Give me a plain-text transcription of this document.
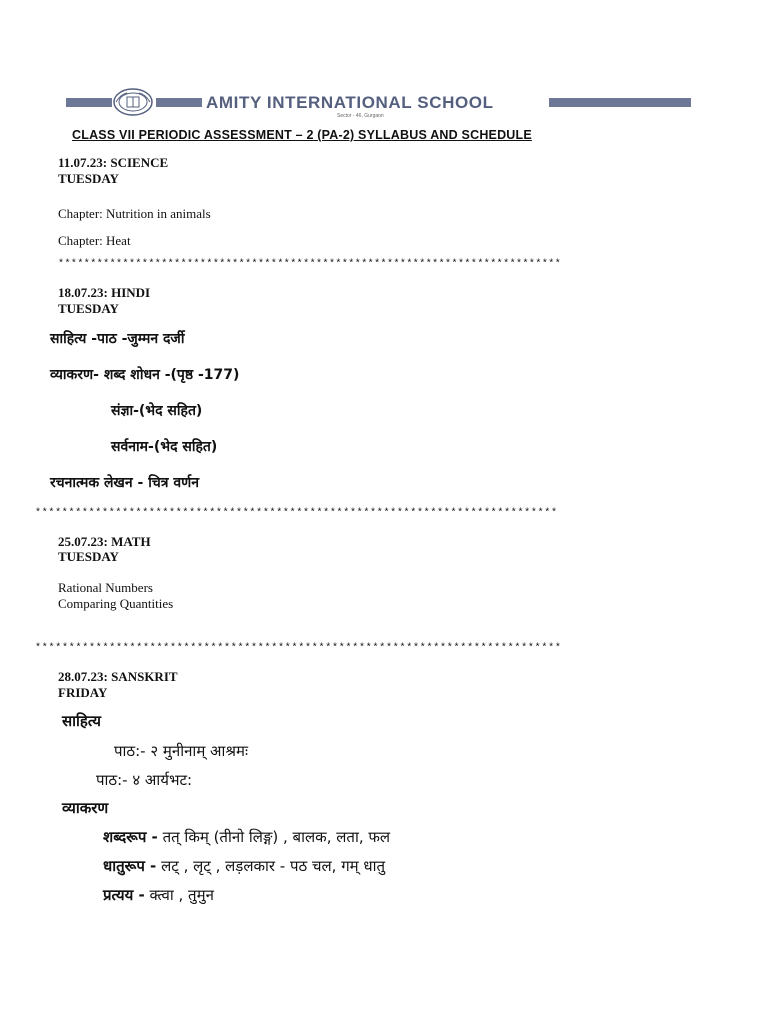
AMITY INTERNATIONAL SCHOOL
Sector - 46, Gurgaon
CLASS VII PERIODIC ASSESSMENT – 2 (PA-2) SYLLABUS AND SCHEDULE
11.07.23: SCIENCE
TUESDAY
Chapter: Nutrition in animals
Chapter: Heat
******************************************************************************
18.07.23: HINDI
TUESDAY
साहित्य -पाठ -जुम्मन दर्जी
व्याकरण- शब्द शोधन -(पृष्ठ -177)
संज्ञा-(भेद सहित)
सर्वनाम-(भेद सहित)
रचनात्मक लेखन - चित्र वर्णन
******************************************************************************
25.07.23: MATH
TUESDAY
Rational Numbers
Comparing Quantities
******************************************************************************
28.07.23: SANSKRIT
FRIDAY
साहित्य
पाठ:- २ मुनीनाम् आश्रमः
पाठ:- ४ आर्यभट:
व्याकरण
शब्दरूप - तत् किम् (तीनो लिङ्ग) , बालक, लता, फल
धातुरूप - लट् , लृट् , लड़लकार - पठ चल, गम् धातु
प्रत्यय - क्त्वा , तुमुन
